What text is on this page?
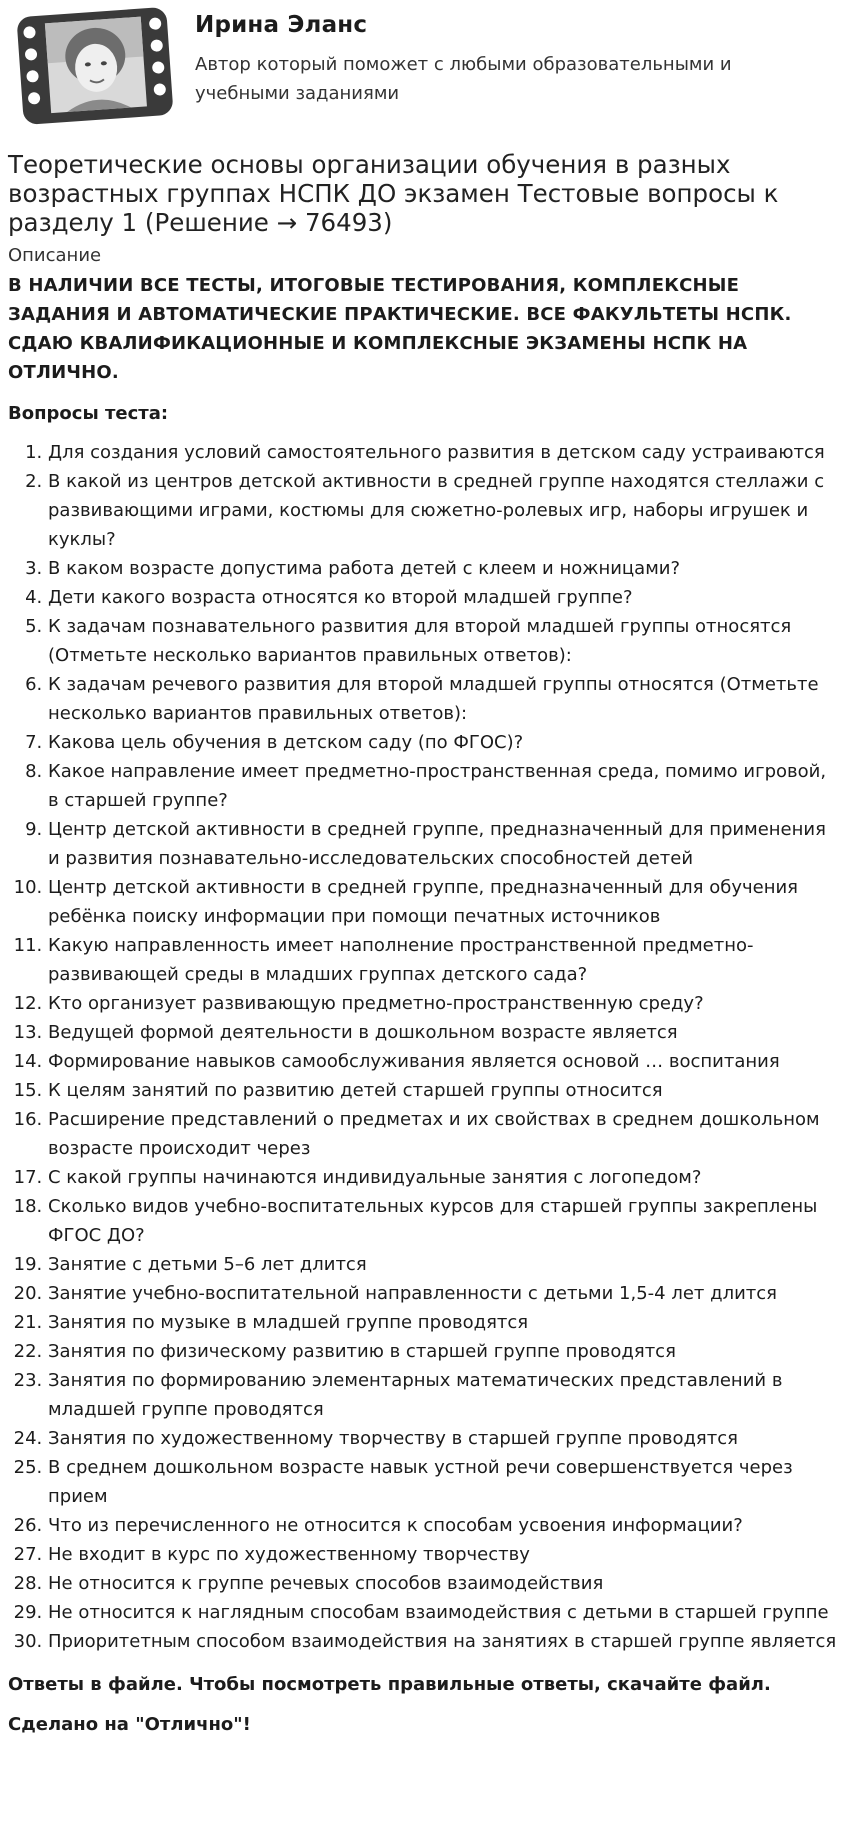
Ирина Эланс
Автор который поможет с любыми образовательными и учебными заданиями
Теоретические основы организации обучения в разных возрастных группах НСПК ДО экзамен Тестовые вопросы к разделу 1 (Решение → 76493)
Описание
В НАЛИЧИИ ВСЕ ТЕСТЫ, ИТОГОВЫЕ ТЕСТИРОВАНИЯ, КОМПЛЕКСНЫЕ ЗАДАНИЯ И АВТОМАТИЧЕСКИЕ ПРАКТИЧЕСКИЕ. ВСЕ ФАКУЛЬТЕТЫ НСПК. СДАЮ КВАЛИФИКАЦИОННЫЕ И КОМПЛЕКСНЫЕ ЭКЗАМЕНЫ НСПК НА ОТЛИЧНО.
Вопросы теста:
1. Для создания условий самостоятельного развития в детском саду устраиваются
2. В какой из центров детской активности в средней группе находятся стеллажи с развивающими играми, костюмы для сюжетно-ролевых игр, наборы игрушек и куклы?
3. В каком возрасте допустима работа детей с клеем и ножницами?
4. Дети какого возраста относятся ко второй младшей группе?
5. К задачам познавательного развития для второй младшей группы относятся (Отметьте несколько вариантов правильных ответов):
6. К задачам речевого развития для второй младшей группы относятся (Отметьте несколько вариантов правильных ответов):
7. Какова цель обучения в детском саду (по ФГОС)?
8. Какое направление имеет предметно-пространственная среда, помимо игровой, в старшей группе?
9. Центр детской активности в средней группе, предназначенный для применения и развития познавательно-исследовательских способностей детей
10. Центр детской активности в средней группе, предназначенный для обучения ребёнка поиску информации при помощи печатных источников
11. Какую направленность имеет наполнение пространственной предметно-развивающей среды в младших группах детского сада?
12. Кто организует развивающую предметно-пространственную среду?
13. Ведущей формой деятельности в дошкольном возрасте является
14. Формирование навыков самообслуживания является основой … воспитания
15. К целям занятий по развитию детей старшей группы относится
16. Расширение представлений о предметах и их свойствах в среднем дошкольном возрасте происходит через
17. С какой группы начинаются индивидуальные занятия с логопедом?
18. Сколько видов учебно-воспитательных курсов для старшей группы закреплены ФГОС ДО?
19. Занятие с детьми 5–6 лет длится
20. Занятие учебно-воспитательной направленности с детьми 1,5-4 лет длится
21. Занятия по музыке в младшей группе проводятся
22. Занятия по физическому развитию в старшей группе проводятся
23. Занятия по формированию элементарных математических представлений в младшей группе проводятся
24. Занятия по художественному творчеству в старшей группе проводятся
25. В среднем дошкольном возрасте навык устной речи совершенствуется через прием
26. Что из перечисленного не относится к способам усвоения информации?
27. Не входит в курс по художественному творчеству
28. Не относится к группе речевых способов взаимодействия
29. Не относится к наглядным способам взаимодействия с детьми в старшей группе
30. Приоритетным способом взаимодействия на занятиях в старшей группе является
Ответы в файле. Чтобы посмотреть правильные ответы, скачайте файл.
Сделано на "Отлично"!
